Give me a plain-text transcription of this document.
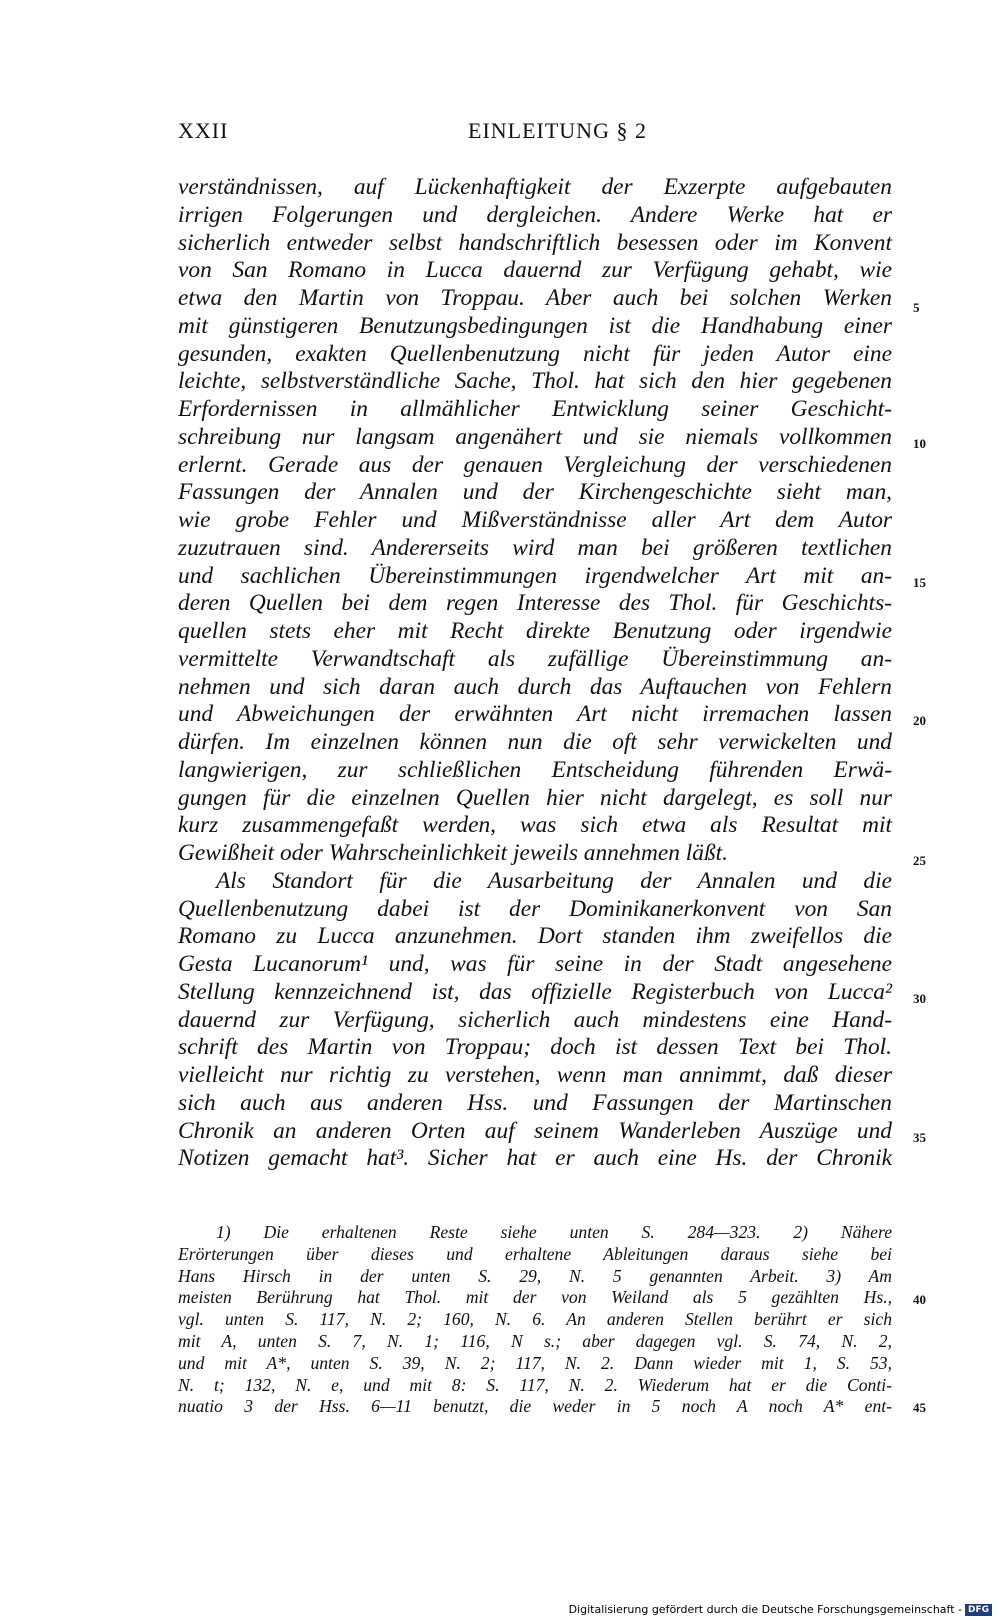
XXII	EINLEITUNG § 2
verständnissen, auf Lückenhaftigkeit der Exzerpte aufgebauten
irrigen Folgerungen und dergleichen. Andere Werke hat er
sicherlich entweder selbst handschriftlich besessen oder im Konvent
von San Romano in Lucca dauernd zur Verfügung gehabt, wie
etwa den Martin von Troppau. Aber auch bei solchen Werken
mit günstigeren Benutzungsbedingungen ist die Handhabung einer
gesunden, exakten Quellenbenutzung nicht für jeden Autor eine
leichte, selbstverständliche Sache, Thol. hat sich den hier gegebenen
Erfordernissen in allmählicher Entwicklung seiner Geschicht-
schreibung nur langsam angenähert und sie niemals vollkommen
erlernt. Gerade aus der genauen Vergleichung der verschiedenen
Fassungen der Annalen und der Kirchengeschichte sieht man,
wie grobe Fehler und Mißverständnisse aller Art dem Autor
zuzutrauen sind. Andererseits wird man bei größeren textlichen
und sachlichen Übereinstimmungen irgendwelcher Art mit an-
deren Quellen bei dem regen Interesse des Thol. für Geschichts-
quellen stets eher mit Recht direkte Benutzung oder irgendwie
vermittelte Verwandtschaft als zufällige Übereinstimmung an-
nehmen und sich daran auch durch das Auftauchen von Fehlern
und Abweichungen der erwähnten Art nicht irremachen lassen
dürfen. Im einzelnen können nun die oft sehr verwickelten und
langwierigen, zur schließlichen Entscheidung führenden Erwä-
gungen für die einzelnen Quellen hier nicht dargelegt, es soll nur
kurz zusammengefaßt werden, was sich etwa als Resultat mit
Gewißheit oder Wahrscheinlichkeit jeweils annehmen läßt.
Als Standort für die Ausarbeitung der Annalen und die
Quellenbenutzung dabei ist der Dominikanerkonvent von San
Romano zu Lucca anzunehmen. Dort standen ihm zweifellos die
Gesta Lucanorum¹ und, was für seine in der Stadt angesehene
Stellung kennzeichnend ist, das offizielle Registerbuch von Lucca²
dauernd zur Verfügung, sicherlich auch mindestens eine Hand-
schrift des Martin von Troppau; doch ist dessen Text bei Thol.
vielleicht nur richtig zu verstehen, wenn man annimmt, daß dieser
sich auch aus anderen Hss. und Fassungen der Martinschen
Chronik an anderen Orten auf seinem Wanderleben Auszüge und
Notizen gemacht hat³. Sicher hat er auch eine Hs. der Chronik
1) Die erhaltenen Reste siehe unten S. 284—323. 2) Nähere
Erörterungen über dieses und erhaltene Ableitungen daraus siehe bei
Hans Hirsch in der unten S. 29, N. 5 genannten Arbeit. 3) Am
meisten Berührung hat Thol. mit der von Weiland als 5 gezählten Hs.,
vgl. unten S. 117, N. 2; 160, N. 6. An anderen Stellen berührt er sich
mit A, unten S. 7, N. 1; 116, N s.; aber dagegen vgl. S. 74, N. 2,
und mit A*, unten S. 39, N. 2; 117, N. 2. Dann wieder mit 1, S. 53,
N. t; 132, N. e, und mit 8: S. 117, N. 2. Wiederum hat er die Conti-
nuatio 3 der Hss. 6—11 benutzt, die weder in 5 noch A noch A* ent-
5
10
15
20
25
30
35
40
45
Digitalisierung gefördert durch die Deutsche Forschungsgemeinschaft - DFG
